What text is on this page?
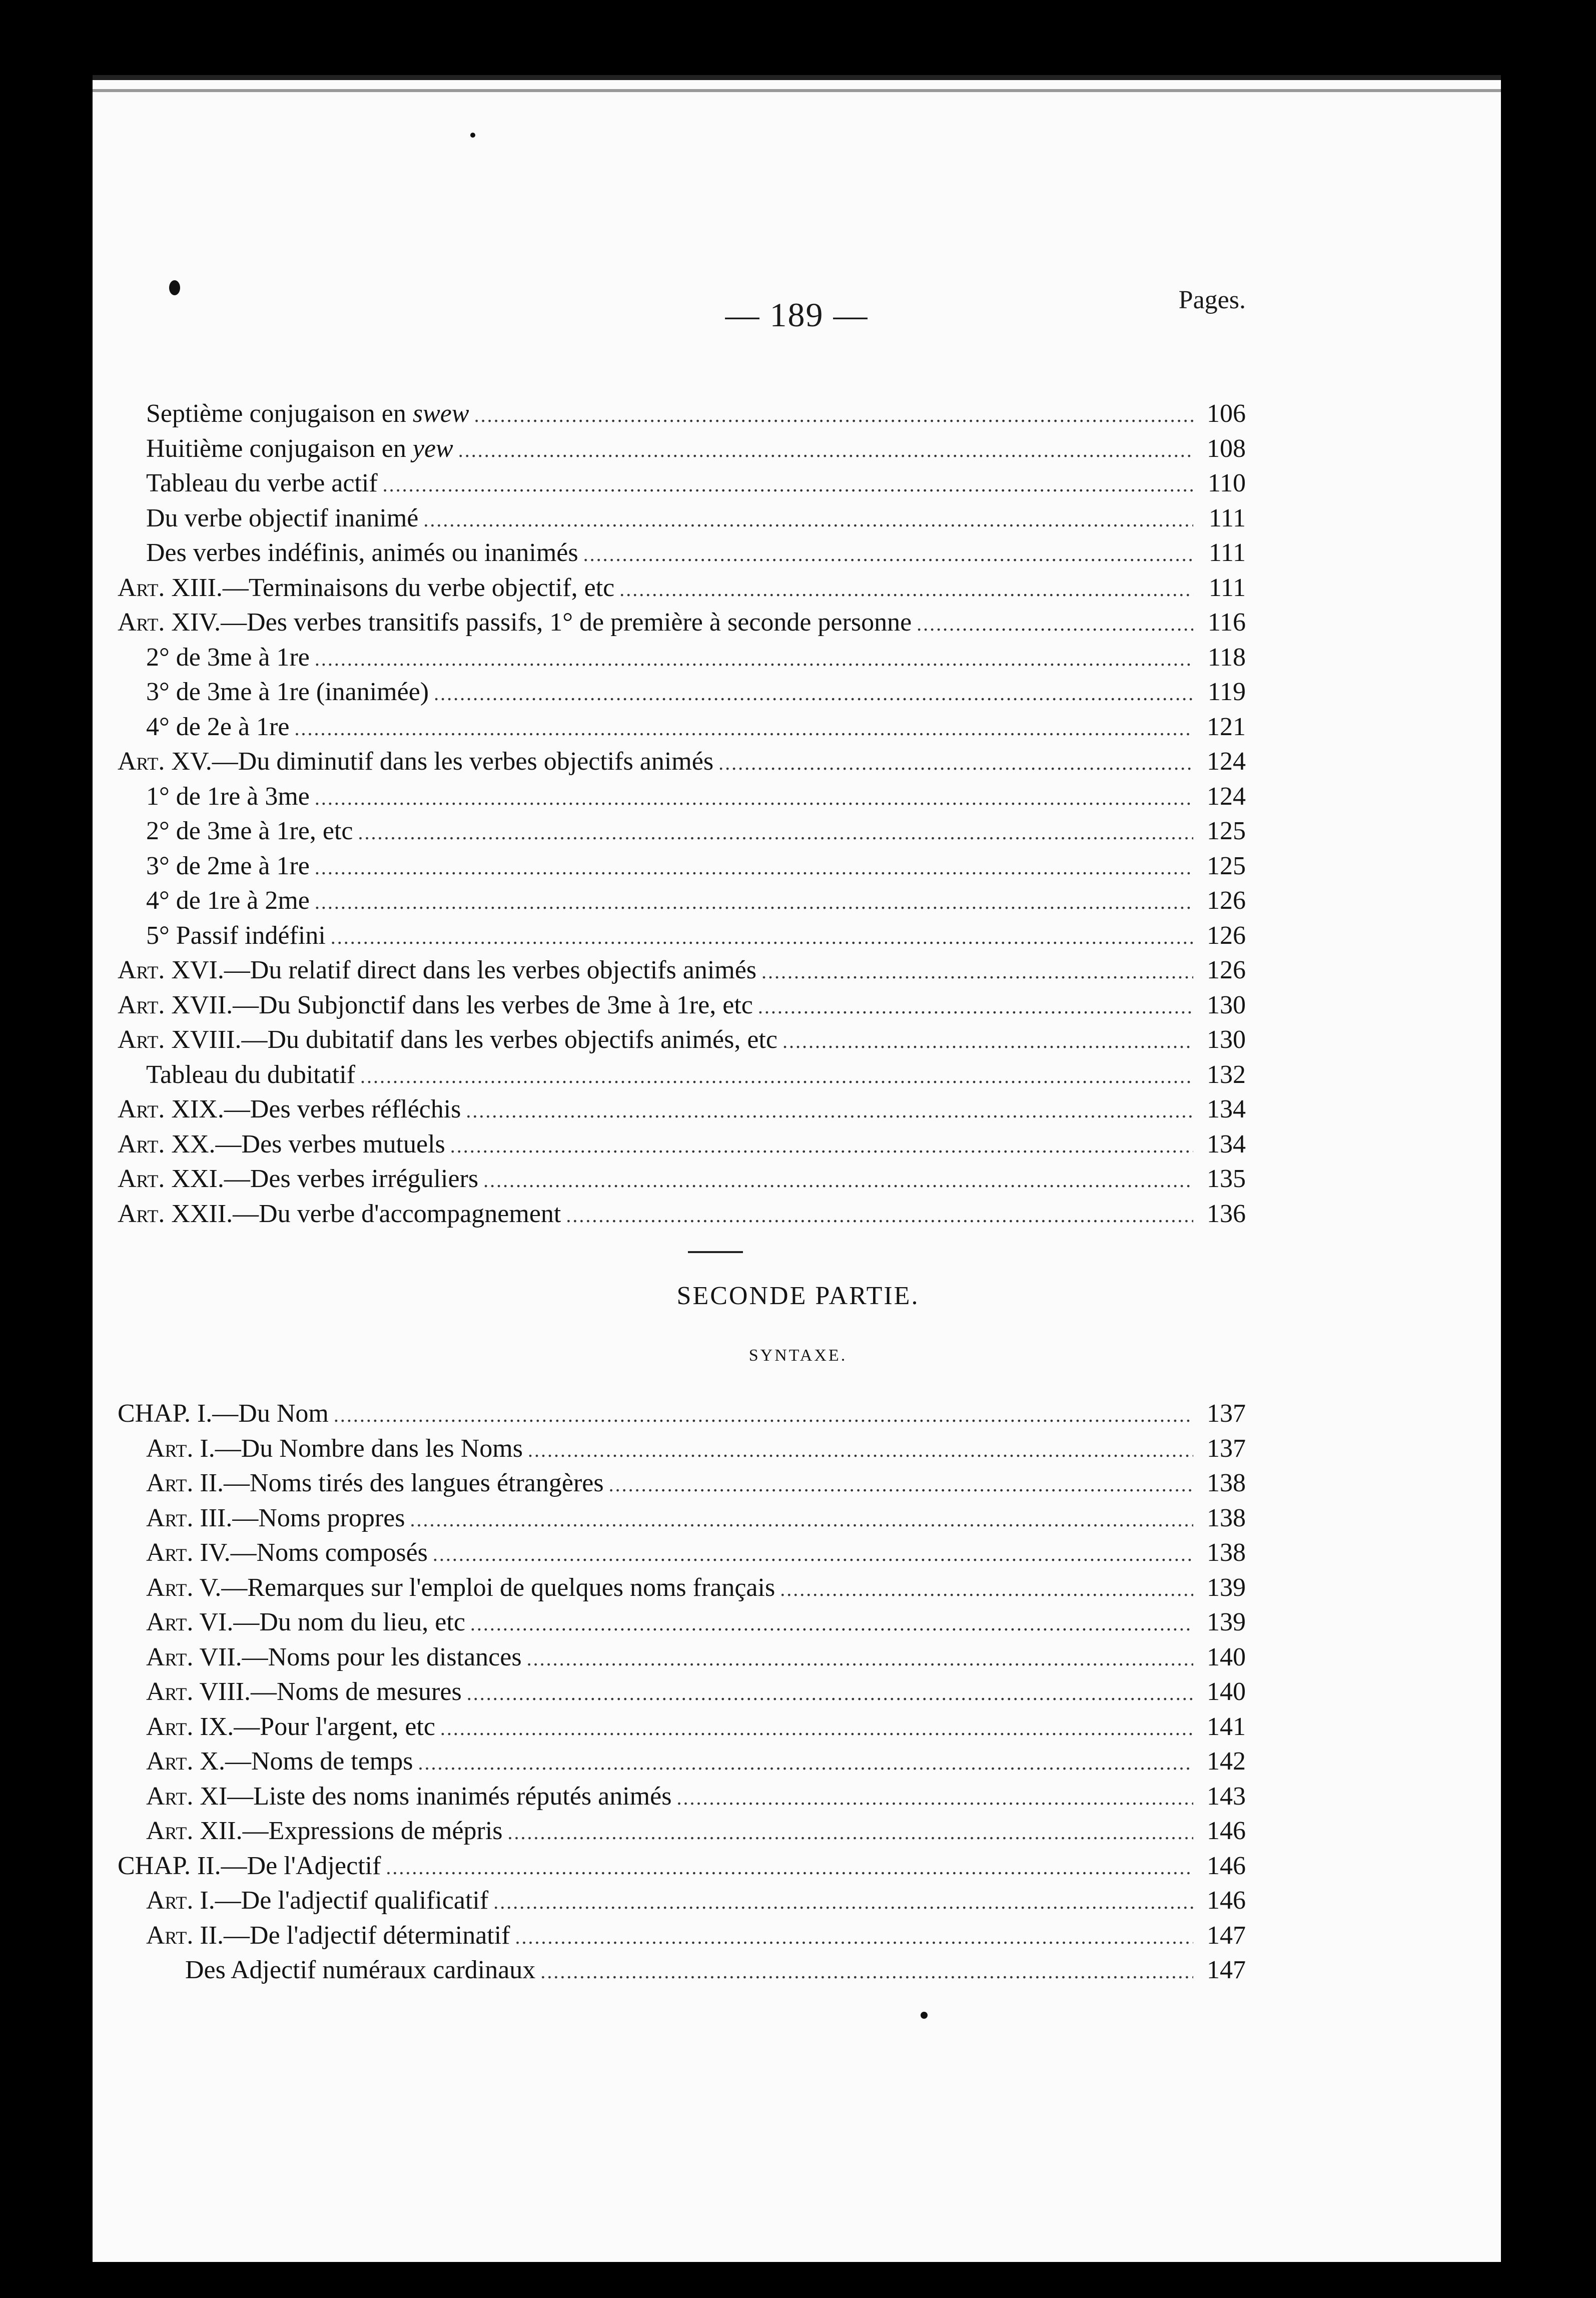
— 189 —	Pages.
Septième conjugaison en swew .....	106
Huitième conjugaison en yew .....	108
Tableau du verbe actif .....	110
Du verbe objectif inanimé .....	111
Des verbes indéfinis, animés ou inanimés .....	111
Art. XIII.—Terminaisons du verbe objectif, etc .....	111
Art. XIV.—Des verbes transitifs passifs, 1° de première à seconde personne .....	116
2° de 3me à 1re .....	118
3° de 3me à 1re (inanimée) .....	119
4° de 2e à 1re .....	121
Art. XV.—Du diminutif dans les verbes objectifs animés .....	124
1° de 1re à 3me .....	124
2° de 3me à 1re, etc .....	125
3° de 2me à 1re .....	125
4° de 1re à 2me .....	126
5° Passif indéfini .....	126
Art. XVI.—Du relatif direct dans les verbes objectifs animés .....	126
Art. XVII.—Du Subjonctif dans les verbes de 3me à 1re, etc .....	130
Art. XVIII.—Du dubitatif dans les verbes objectifs animés, etc .....	130
Tableau du dubitatif .....	132
Art. XIX.—Des verbes réfléchis .....	134
Art. XX.—Des verbes mutuels .....	134
Art. XXI.—Des verbes irréguliers .....	135
Art. XXII.—Du verbe d'accompagnement .....	136
SECONDE PARTIE.
SYNTAXE.
CHAP. I.—Du Nom .....	137
Art. I.—Du Nombre dans les Noms .....	137
Art. II.—Noms tirés des langues étrangères .....	138
Art. III.—Noms propres .....	138
Art. IV.—Noms composés .....	138
Art. V.—Remarques sur l'emploi de quelques noms français .....	139
Art. VI.—Du nom du lieu, etc .....	139
Art. VII.—Noms pour les distances .....	140
Art. VIII.—Noms de mesures .....	140
Art. IX.—Pour l'argent, etc .....	141
Art. X.—Noms de temps .....	142
Art. XI—Liste des noms inanimés réputés animés .....	143
Art. XII.—Expressions de mépris .....	146
CHAP. II.—De l'Adjectif .....	146
Art. I.—De l'adjectif qualificatif .....	146
Art. II.—De l'adjectif déterminatif .....	147
Des Adjectif numéraux cardinaux .....	147
